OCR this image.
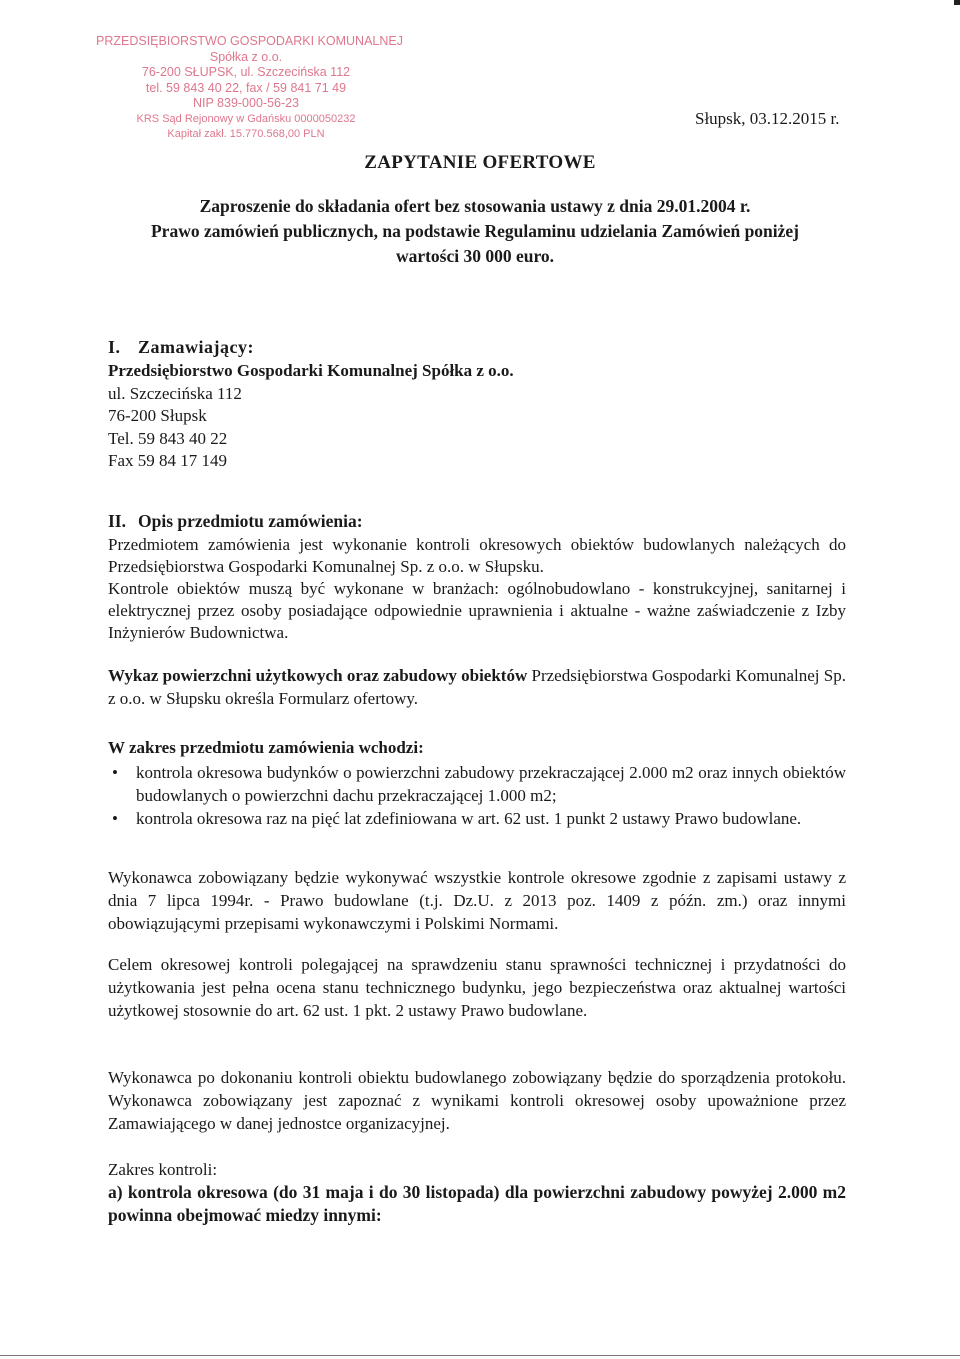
PRZEDSIĘBIORSTWO GOSPODARKI KOMUNALNEJ
Spółka z o.o.
76-200 SŁUPSK, ul. Szczecińska 112
tel. 59 843 40 22, fax / 59 841 71 49
NIP 839-000-56-23
KRS Sąd Rejonowy w Gdańsku 0000050232
Kapitał zakł. 15.770.568,00 PLN
Słupsk, 03.12.2015 r.
ZAPYTANIE OFERTOWE
Zaproszenie do składania ofert bez stosowania ustawy z dnia 29.01.2004 r.
Prawo zamówień publicznych, na podstawie Regulaminu udzielania Zamówień poniżej
wartości 30 000 euro.
I. Zamawiający:
Przedsiębiorstwo Gospodarki Komunalnej Spółka z o.o.
ul. Szczecińska 112
76-200 Słupsk
Tel. 59 843 40 22
Fax 59 84 17 149
II. Opis przedmiotu zamówienia:
Przedmiotem zamówienia jest wykonanie kontroli okresowych obiektów budowlanych należących do Przedsiębiorstwa Gospodarki Komunalnej Sp. z o.o. w Słupsku.
Kontrole obiektów muszą być wykonane w branżach: ogólnobudowlano - konstrukcyjnej, sanitarnej i elektrycznej przez osoby posiadające odpowiednie uprawnienia i aktualne - ważne zaświadczenie z Izby Inżynierów Budownictwa.
Wykaz powierzchni użytkowych oraz zabudowy obiektów Przedsiębiorstwa Gospodarki Komunalnej Sp. z o.o. w Słupsku określa Formularz ofertowy.
W zakres przedmiotu zamówienia wchodzi:
• kontrola okresowa budynków o powierzchni zabudowy przekraczającej 2.000 m2 oraz innych obiektów budowlanych o powierzchni dachu przekraczającej 1.000 m2;
• kontrola okresowa raz na pięć lat zdefiniowana w art. 62 ust. 1 punkt 2 ustawy Prawo budowlane.
Wykonawca zobowiązany będzie wykonywać wszystkie kontrole okresowe zgodnie z zapisami ustawy z dnia 7 lipca 1994r. - Prawo budowlane (t.j. Dz.U. z 2013 poz. 1409 z późn. zm.) oraz innymi obowiązującymi przepisami wykonawczymi i Polskimi Normami.
Celem okresowej kontroli polegającej na sprawdzeniu stanu sprawności technicznej i przydatności do użytkowania jest pełna ocena stanu technicznego budynku, jego bezpieczeństwa oraz aktualnej wartości użytkowej stosownie do art. 62 ust. 1 pkt. 2 ustawy Prawo budowlane.
Wykonawca po dokonaniu kontroli obiektu budowlanego zobowiązany będzie do sporządzenia protokołu. Wykonawca zobowiązany jest zapoznać z wynikami kontroli okresowej osoby upoważnione przez Zamawiającego w danej jednostce organizacyjnej.
Zakres kontroli:
a) kontrola okresowa (do 31 maja i do 30 listopada) dla powierzchni zabudowy powyżej 2.000 m2 powinna obejmować miedzy innymi:
